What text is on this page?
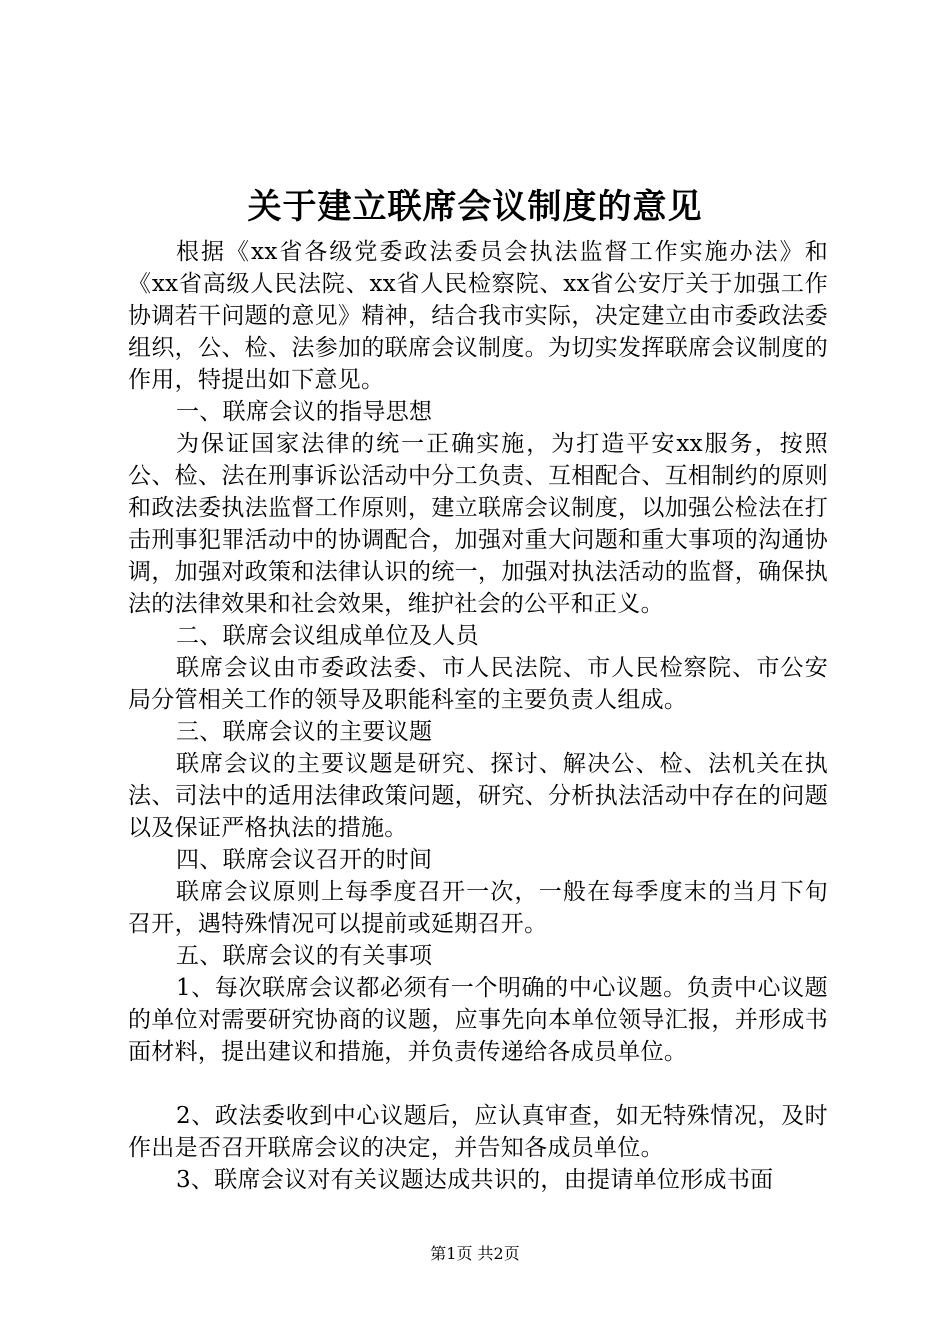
关于建立联席会议制度的意见

根据《xx省各级党委政法委员会执法监督工作实施办法》和《xx省高级人民法院、xx省人民检察院、xx省公安厅关于加强工作协调若干问题的意见》精神，结合我市实际，决定建立由市委政法委组织，公、检、法参加的联席会议制度。为切实发挥联席会议制度的作用，特提出如下意见。

一、联席会议的指导思想

为保证国家法律的统一正确实施，为打造平安xx服务，按照公、检、法在刑事诉讼活动中分工负责、互相配合、互相制约的原则和政法委执法监督工作原则，建立联席会议制度，以加强公检法在打击刑事犯罪活动中的协调配合，加强对重大问题和重大事项的沟通协调，加强对政策和法律认识的统一，加强对执法活动的监督，确保执法的法律效果和社会效果，维护社会的公平和正义。

二、联席会议组成单位及人员

联席会议由市委政法委、市人民法院、市人民检察院、市公安局分管相关工作的领导及职能科室的主要负责人组成。

三、联席会议的主要议题

联席会议的主要议题是研究、探讨、解决公、检、法机关在执法、司法中的适用法律政策问题，研究、分析执法活动中存在的问题以及保证严格执法的措施。

四、联席会议召开的时间

联席会议原则上每季度召开一次，一般在每季度末的当月下旬召开，遇特殊情况可以提前或延期召开。

五、联席会议的有关事项

1、每次联席会议都必须有一个明确的中心议题。负责中心议题的单位对需要研究协商的议题，应事先向本单位领导汇报，并形成书面材料，提出建议和措施，并负责传递给各成员单位。

2、政法委收到中心议题后，应认真审查，如无特殊情况，及时作出是否召开联席会议的决定，并告知各成员单位。

3、联席会议对有关议题达成共识的，由提请单位形成书面

第1页 共2页
